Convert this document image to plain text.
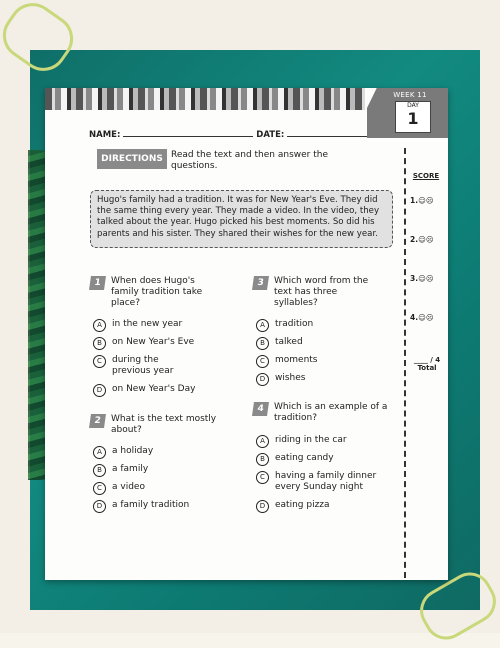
WEEK 11
DAY
1
NAME:	DATE:
DIRECTIONS Read the text and then answer the questions.
SCORE
1.☺☹
2.☺☹
3.☺☹
4.☺☹
____ / 4
Total
Hugo's family had a tradition. It was for New Year's Eve. They did the same thing every year. They made a video. In the video, they talked about the year. Hugo picked his best moments. So did his parents and his sister. They shared their wishes for the new year.
1	When does Hugo's family tradition take place?
A	in the new year
B	on New Year's Eve
C	during the previous year
D	on New Year's Day
2	What is the text mostly about?
A	a holiday
B	a family
C	a video
D	a family tradition
3	Which word from the text has three syllables?
A	tradition
B	talked
C	moments
D	wishes
4	Which is an example of a tradition?
A	riding in the car
B	eating candy
C	having a family dinner every Sunday night
D	eating pizza
